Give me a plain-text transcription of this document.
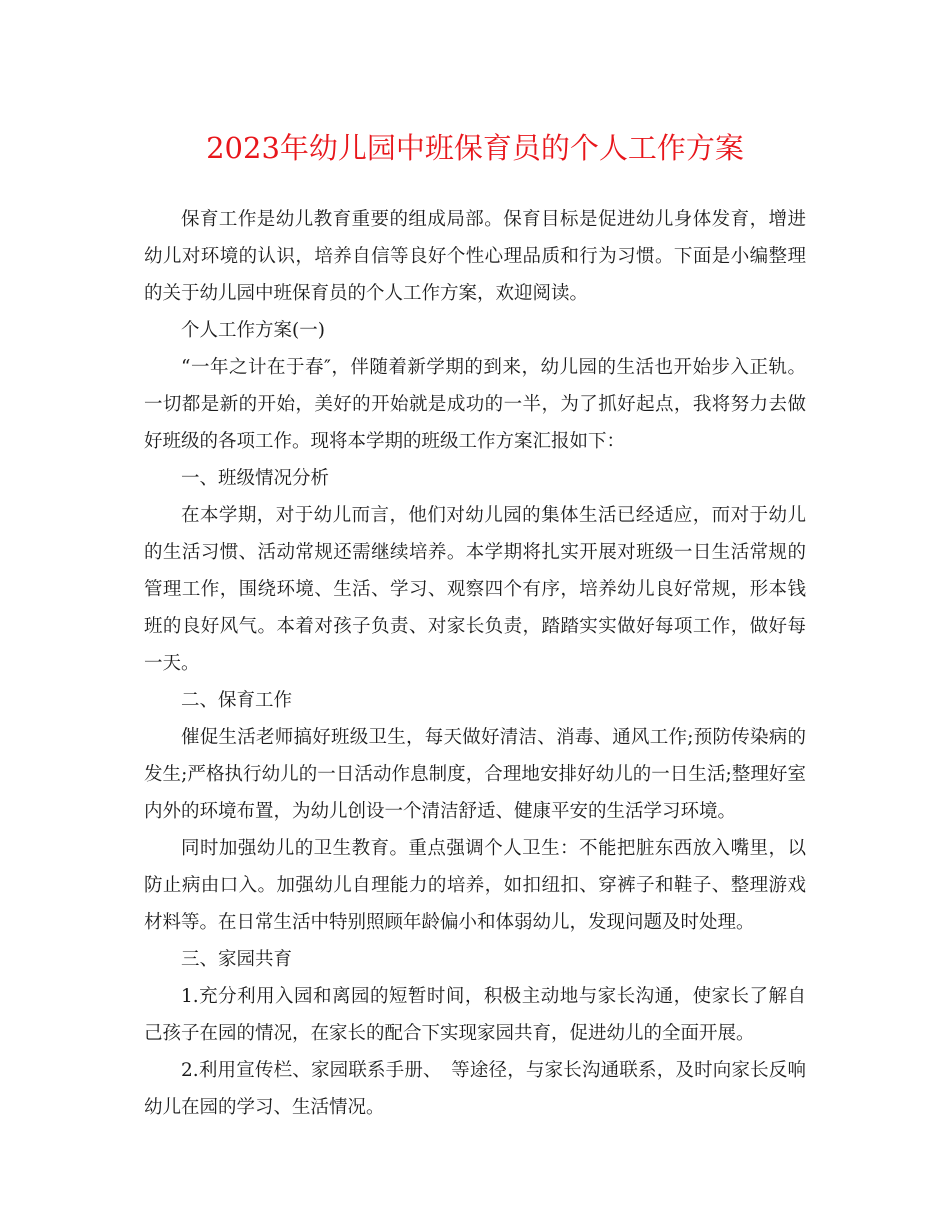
2023年幼儿园中班保育员的个人工作方案

保育工作是幼儿教育重要的组成局部。保育目标是促进幼儿身体发育，增进幼儿对环境的认识，培养自信等良好个性心理品质和行为习惯。下面是小编整理的关于幼儿园中班保育员的个人工作方案，欢迎阅读。

个人工作方案(一)

“一年之计在于春″，伴随着新学期的到来，幼儿园的生活也开始步入正轨。一切都是新的开始，美好的开始就是成功的一半，为了抓好起点，我将努力去做好班级的各项工作。现将本学期的班级工作方案汇报如下：

一、班级情况分析

在本学期，对于幼儿而言，他们对幼儿园的集体生活已经适应，而对于幼儿的生活习惯、活动常规还需继续培养。本学期将扎实开展对班级一日生活常规的管理工作，围绕环境、生活、学习、观察四个有序，培养幼儿良好常规，形本钱班的良好风气。本着对孩子负责、对家长负责，踏踏实实做好每项工作，做好每一天。

二、保育工作

催促生活老师搞好班级卫生，每天做好清洁、消毒、通风工作;预防传染病的发生;严格执行幼儿的一日活动作息制度，合理地安排好幼儿的一日生活;整理好室内外的环境布置，为幼儿创设一个清洁舒适、健康平安的生活学习环境。

同时加强幼儿的卫生教育。重点强调个人卫生：不能把脏东西放入嘴里，以防止病由口入。加强幼儿自理能力的培养，如扣纽扣、穿裤子和鞋子、整理游戏材料等。在日常生活中特别照顾年龄偏小和体弱幼儿，发现问题及时处理。

三、家园共育

1.充分利用入园和离园的短暂时间，积极主动地与家长沟通，使家长了解自己孩子在园的情况，在家长的配合下实现家园共育，促进幼儿的全面开展。

2.利用宣传栏、家园联系手册、　等途径，与家长沟通联系，及时向家长反响幼儿在园的学习、生活情况。
